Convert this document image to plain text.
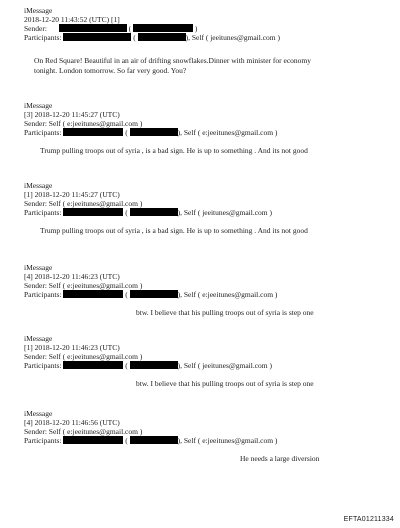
iMessage
2018-12-20 11:43:52 (UTC) [1]
Sender:	(	)
Participants:	(	), Self ( jeeitunes@gmail.com )
On Red Square! Beautiful in an air of drifting snowflakes.Dinner with minister for economy tonight. London tomorrow. So far very good. You?
iMessage
[3] 2018-12-20 11:45:27 (UTC)
Sender: Self ( e:jeeitunes@gmail.com )
Participants:	(	), Self ( e:jeeitunes@gmail.com )
Trump pulling troops out of syria , is a bad sign. He is up to something . And its not good
iMessage
[1] 2018-12-20 11:45:27 (UTC)
Sender: Self ( e:jeeitunes@gmail.com )
Participants:	(	), Self ( jeeitunes@gmail.com )
Trump pulling troops out of syria , is a bad sign. He is up to something . And its not good
iMessage
[4] 2018-12-20 11:46:23 (UTC)
Sender: Self ( e:jeeitunes@gmail.com )
Participants:	(	), Self ( e:jeeitunes@gmail.com )
btw. I believe that his pulling troops out of syria is step one
iMessage
[1] 2018-12-20 11:46:23 (UTC)
Sender: Self ( e:jeeitunes@gmail.com )
Participants:	(	), Self ( jeeitunes@gmail.com )
btw. I believe that his pulling troops out of syria is step one
iMessage
[4] 2018-12-20 11:46:56 (UTC)
Sender: Self ( e:jeeitunes@gmail.com )
Participants:	(	), Self ( e:jeeitunes@gmail.com )
He needs a large diversion
EFTA01211334
